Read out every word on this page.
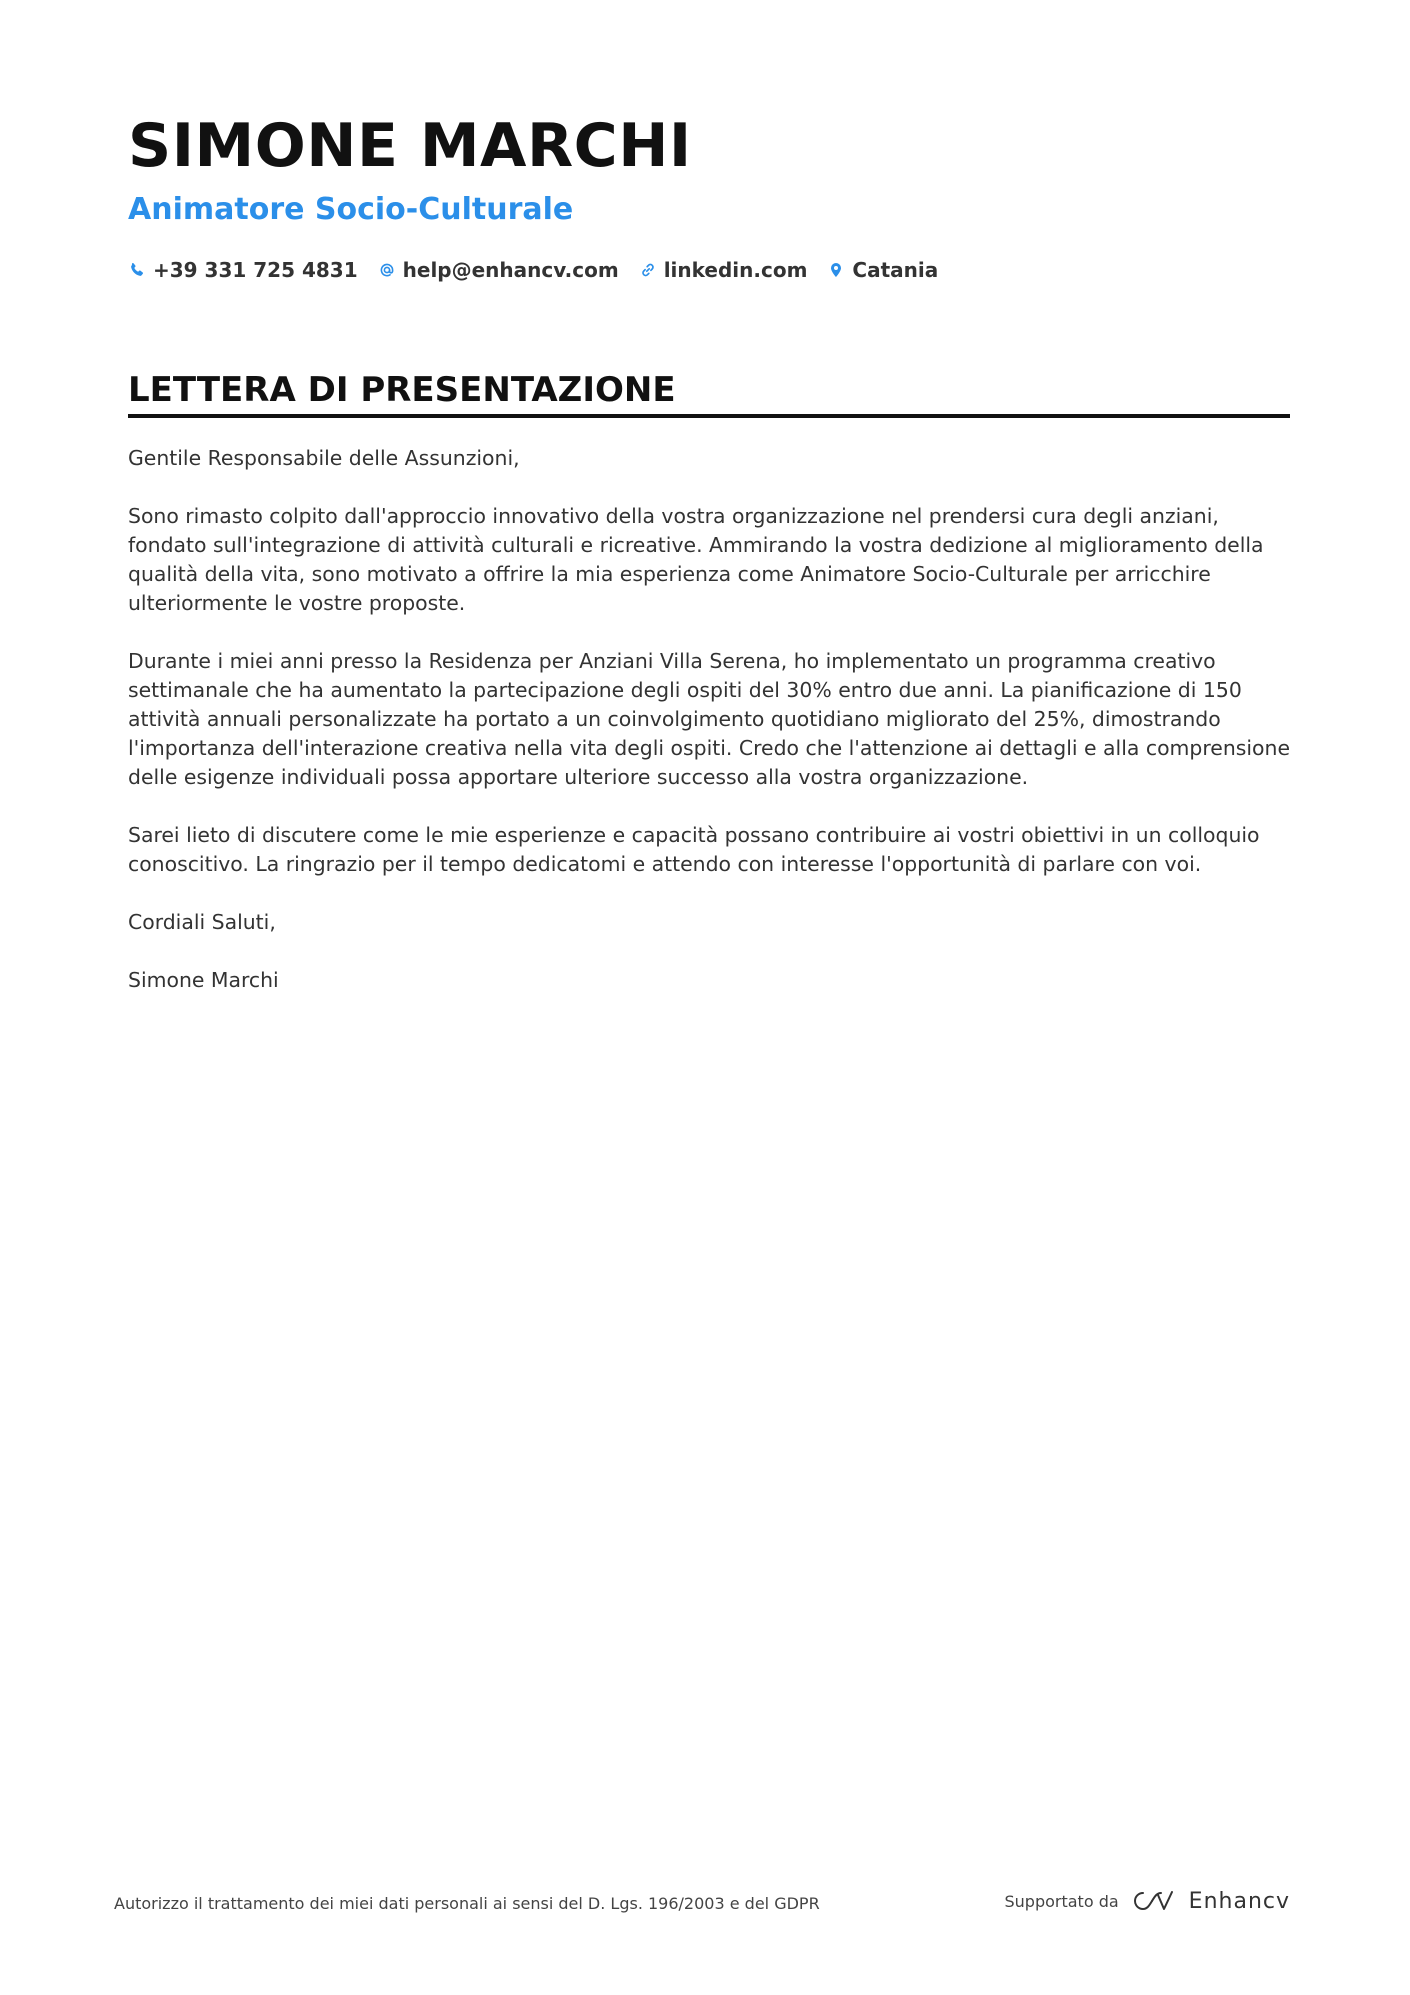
SIMONE MARCHI
Animatore Socio-Culturale
+39 331 725 4831 help@enhancv.com linkedin.com Catania
LETTERA DI PRESENTAZIONE

Gentile Responsabile delle Assunzioni,

Sono rimasto colpito dall'approccio innovativo della vostra organizzazione nel prendersi cura degli anziani, fondato sull'integrazione di attività culturali e ricreative. Ammirando la vostra dedizione al miglioramento della qualità della vita, sono motivato a offrire la mia esperienza come Animatore Socio-Culturale per arricchire ulteriormente le vostre proposte.

Durante i miei anni presso la Residenza per Anziani Villa Serena, ho implementato un programma creativo settimanale che ha aumentato la partecipazione degli ospiti del 30% entro due anni. La pianificazione di 150 attività annuali personalizzate ha portato a un coinvolgimento quotidiano migliorato del 25%, dimostrando l'importanza dell'interazione creativa nella vita degli ospiti. Credo che l'attenzione ai dettagli e alla comprensione delle esigenze individuali possa apportare ulteriore successo alla vostra organizzazione.

Sarei lieto di discutere come le mie esperienze e capacità possano contribuire ai vostri obiettivi in un colloquio conoscitivo. La ringrazio per il tempo dedicatomi e attendo con interesse l'opportunità di parlare con voi.

Cordiali Saluti,

Simone Marchi

Autorizzo il trattamento dei miei dati personali ai sensi del D. Lgs. 196/2003 e del GDPR	Supportato da	Enhancv
